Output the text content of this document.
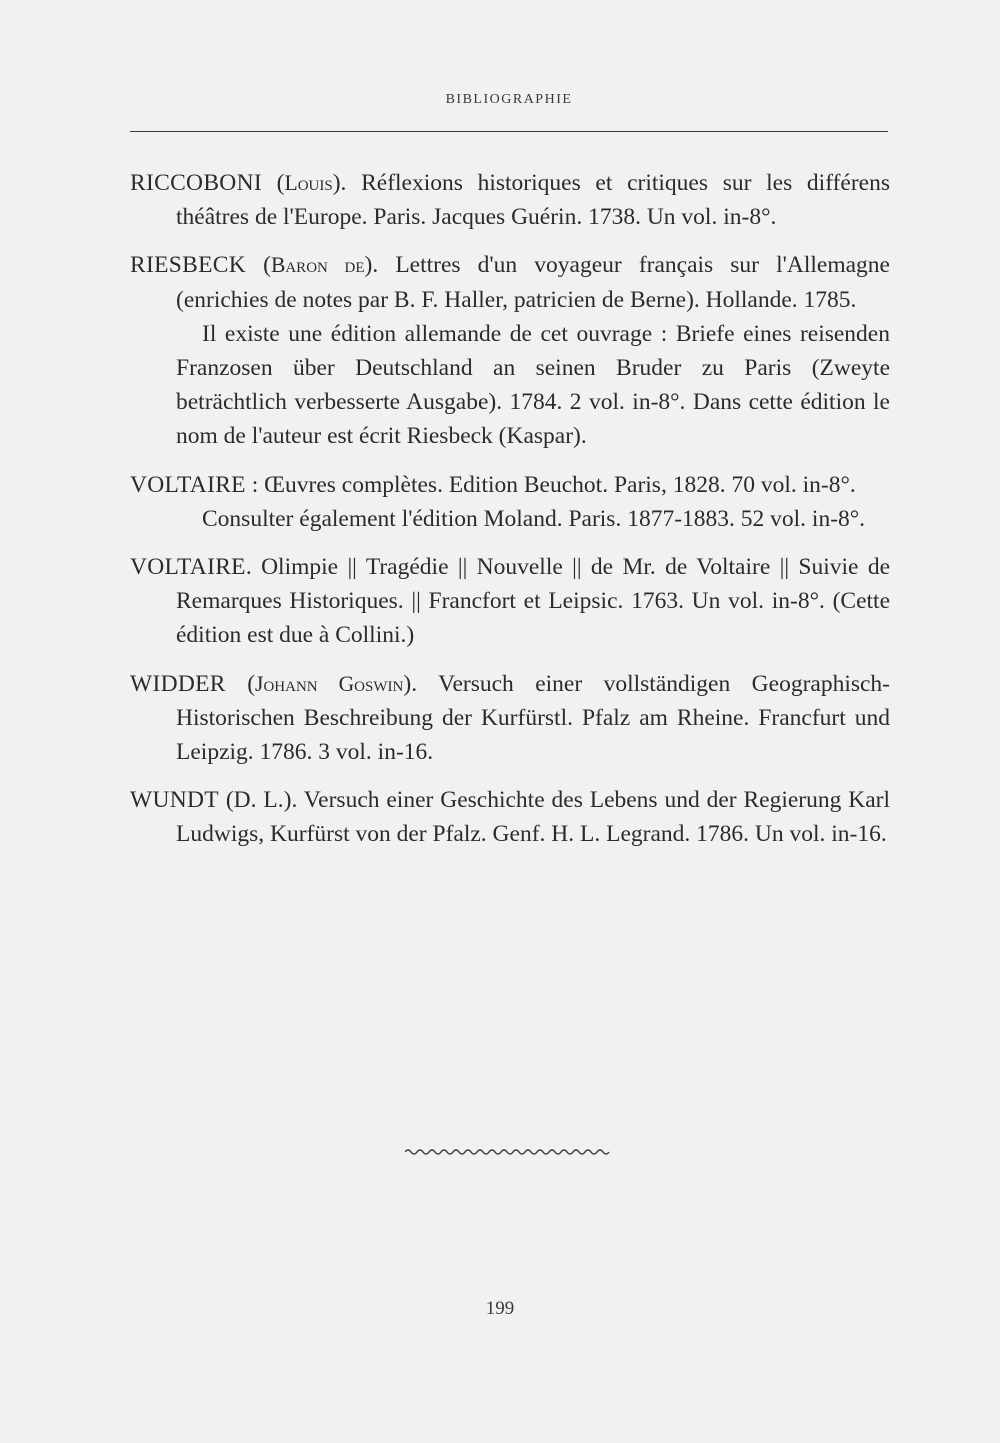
BIBLIOGRAPHIE
RICCOBONI (Louis). Réflexions historiques et critiques sur les différens théâtres de l'Europe. Paris. Jacques Guérin. 1738. Un vol. in-8°.

RIESBECK (Baron de). Lettres d'un voyageur français sur l'Allemagne (enrichies de notes par B. F. Haller, patricien de Berne). Hollande. 1785.

Il existe une édition allemande de cet ouvrage : Briefe eines reisenden Franzosen über Deutschland an seinen Bruder zu Paris (Zweyte beträchtlich verbesserte Ausgabe). 1784. 2 vol. in-8°. Dans cette édition le nom de l'auteur est écrit Riesbeck (Kaspar).

VOLTAIRE : Œuvres complètes. Edition Beuchot. Paris, 1828. 70 vol. in-8°.

Consulter également l'édition Moland. Paris. 1877-1883. 52 vol. in-8°.

VOLTAIRE. Olimpie || Tragédie || Nouvelle || de Mr. de Voltaire || Suivie de Remarques Historiques. || Francfort et Leipsic. 1763. Un vol. in-8°. (Cette édition est due à Collini.)
WIDDER (Johann Goswin). Versuch einer vollständigen Geographisch-Historischen Beschreibung der Kurfürstl. Pfalz am Rheine. Francfurt und Leipzig. 1786. 3 vol. in-16.
WUNDT (D. L.). Versuch einer Geschichte des Lebens und der Regierung Karl Ludwigs, Kurfürst von der Pfalz. Genf. H. L. Legrand. 1786. Un vol. in-16.
199
